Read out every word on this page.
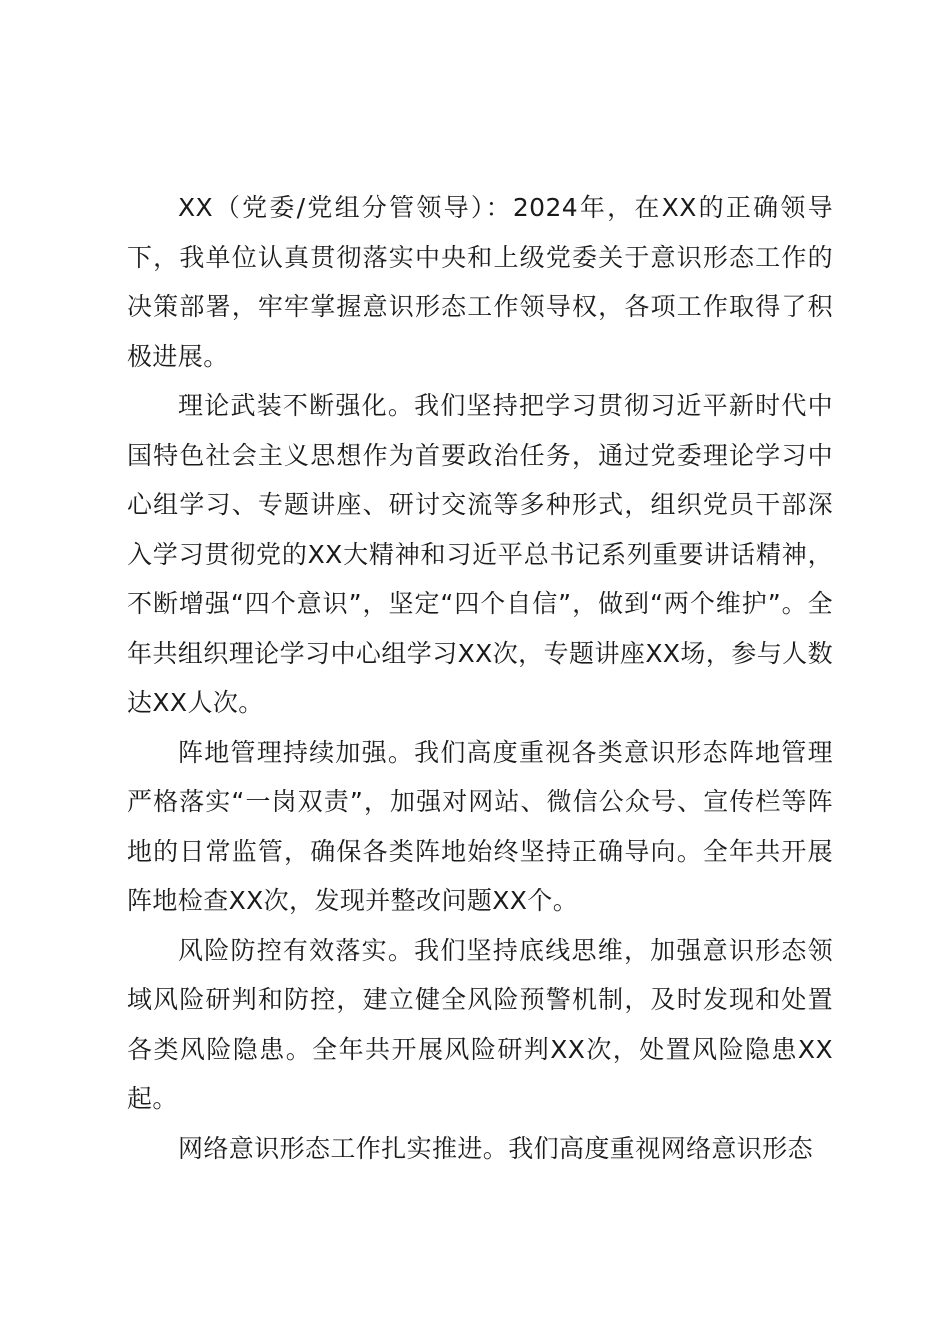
XX（党委/党组分管领导）：2024年，在XX的正确领导下，我单位认真贯彻落实中央和上级党委关于意识形态工作的决策部署，牢牢掌握意识形态工作领导权，各项工作取得了积极进展。

理论武装不断强化。我们坚持把学习贯彻习近平新时代中国特色社会主义思想作为首要政治任务，通过党委理论学习中心组学习、专题讲座、研讨交流等多种形式，组织党员干部深入学习贯彻党的XX大精神和习近平总书记系列重要讲话精神，不断增强“四个意识”，坚定“四个自信”，做到“两个维护”。全年共组织理论学习中心组学习XX次，专题讲座XX场，参与人数达XX人次。

阵地管理持续加强。我们高度重视各类意识形态阵地管理严格落实“一岗双责”，加强对网站、微信公众号、宣传栏等阵地的日常监管，确保各类阵地始终坚持正确导向。全年共开展阵地检查XX次，发现并整改问题XX个。

风险防控有效落实。我们坚持底线思维，加强意识形态领域风险研判和防控，建立健全风险预警机制，及时发现和处置各类风险隐患。全年共开展风险研判XX次，处置风险隐患XX起。

网络意识形态工作扎实推进。我们高度重视网络意识形态
